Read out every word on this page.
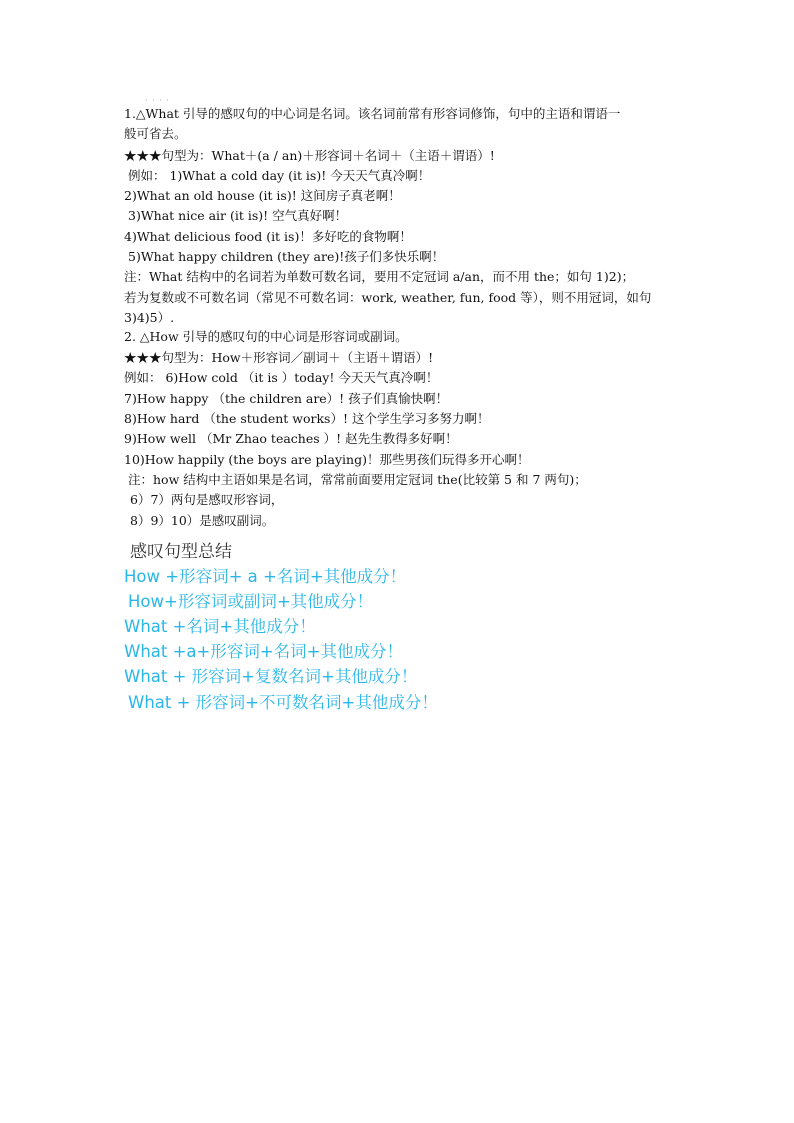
· · · ·
1.△What 引导的感叹句的中心词是名词。该名词前常有形容词修饰，句中的主语和谓语一
般可省去。
★★★句型为：What＋(a / an)＋形容词＋名词＋（主语＋谓语）!
例如： 1)What a cold day (it is)! 今天天气真冷啊！
2)What an old house (it is)! 这间房子真老啊！
3)What nice air (it is)! 空气真好啊！
4)What delicious food (it is)！多好吃的食物啊！
5)What happy children (they are)!孩子们多快乐啊！
注：What 结构中的名词若为单数可数名词，要用不定冠词 a/an，而不用 the；如句 1)2)；
若为复数或不可数名词（常见不可数名词：work, weather, fun, food 等），则不用冠词，如句
3)4)5）.
2. △How 引导的感叹句的中心词是形容词或副词。
★★★句型为：How＋形容词／副词＋（主语＋谓语）!
例如： 6)How cold （it is ）today! 今天天气真冷啊！
7)How happy （the children are）! 孩子们真愉快啊！
8)How hard （the student works）! 这个学生学习多努力啊！
9)How well （Mr Zhao teaches ）! 赵先生教得多好啊！
10)How happily (the boys are playing)！那些男孩们玩得多开心啊！
注：how 结构中主语如果是名词，常常前面要用定冠词 the(比较第 5 和 7 两句)；
6）7）两句是感叹形容词，
8）9）10）是感叹副词。
感叹句型总结
How +形容词+ a +名词+其他成分！
How+形容词或副词+其他成分！
What +名词+其他成分！
What +a+形容词+名词+其他成分！
What + 形容词+复数名词+其他成分！
What + 形容词+不可数名词+其他成分！
